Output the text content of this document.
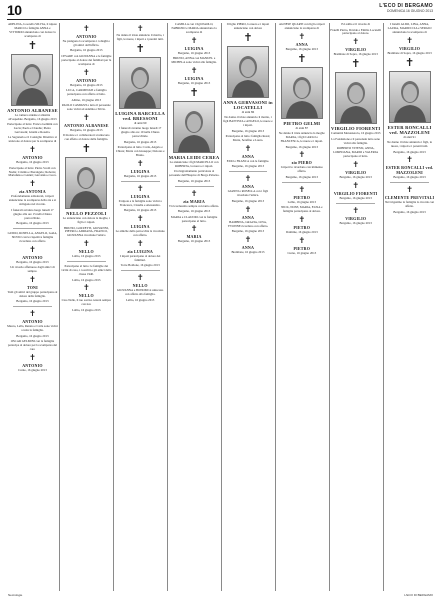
10	L'ECO DI BERGAMO
DOMENICA 16 GIUGNO 2013

ADELINA, la sorella SILVIA, il nipote MARCO e famiglia ANNA e VITTORIO annunciano con dolore la scomparsa di

✝
ANTONIO ALBANESE

La camera ardente è allestita all'ospedale. Bergamo, 16 giugno 2013

Partecipano al lutto: Franco Gelmini con Lucia; Paola e Claudio; Pietro Gervasoni; Gianni e Rosetta.

La Segreteria e il Consiglio Direttivo si uniscono al dolore per la scomparsa di

✝
ANTONIO

Bergamo, 16 giugno 2013

Partecipano al lutto: Pietro Scotti con Nadia; Cristina e Pierangelo; Roberto; Marialuisa e Gianni; Giovanna e Luca.

✝
zia ANTONIA

Profondamente addolorati, i nipoti annunciano la scomparsa della zia e si stringono nel ricordo.

I funerali avranno luogo lunedì 17 giugno alle ore 15 nella Chiesa parrocchiale.

Bergamo, 16 giugno 2013

GUIDO, ROSELLA, ANGELO, GAIA, SILVIO con le rispettive famiglie ricordano con affetto

✝
ANTONIO

Bergamo, 16 giugno 2013

Un ricordo affettuoso dagli amici di sempre.

✝
TONI

Tutti gli amici del gruppo partecipano al dolore della famiglia.

Bergamo, 16 giugno 2013

✝
ANTONIO

Mauro, Lella, Renato e Carla sono vicini a tutta la famiglia.

Bergamo, 16 giugno 2013

OSCAR GELMINI con la famiglia partecipa al dolore per la scomparsa del caro

✝
ANTONIO

Curno, 16 giugno 2013

✝
ANTONIO

Ne piangono la scomparsa i colleghi e gli amici dell'ufficio.

Bergamo, 16 giugno 2013

CESARE con GIOVANNA e le famiglie partecipano al dolore dei familiari per la scomparsa di

✝
ANTONIO

Bergamo, 16 giugno 2013

LUCA, CARMINATI e famiglia partecipano con affetto al lutto.

Albino, 16 giugno 2013

PAOLO CAMOZZI e tutto il personale sono vicini ad Adelina e Silvia.

✝
ANTONIO ALBANESE

Bergamo, 16 giugno 2013

Il titolare e i collaboratori si uniscono con affetto al dolore della famiglia.

✝
NELLO PEZZOLI

Lo annunciano con dolore la moglie, i figli e i nipoti.

BRUNO, GOZZETTI, GIOVANNI, PIETRO e ADRIANA, FRANCO, GIOVANNA ricordano l'amico

✝
NELLO

Lallio, 16 giugno 2013

Partecipano al lutto: le famiglie dei vicini di casa, i coscritti e gli amici della classe 1940.

Lallio, 16 giugno 2013

✝
NELLO

Ciao Nello, il tuo sorriso resterà sempre con noi.

Lallio, 16 giugno 2013

✝

Ne danno il triste annuncio il marito, i figli, le nuore, i nipoti e i parenti tutti.

✝
LUIGINA BARCELLA ved. BRESSONI

di anni 90

I funerali avranno luogo lunedì 17 giugno alle ore 10 nella Chiesa parrocchiale.

Bergamo, 16 giugno 2013

Partecipano al lutto: Carla, Angelo e Chiara; Maria con Giuseppe; Dolores e Bruno.

✝
LUIGINA

Bergamo, 16 giugno 2013

✝
LUIGINA

Il nipote e la famiglia sono vicini a Francesca, Claudia e Alessandro.

Bergamo, 16 giugno 2013

✝
LUIGINA

Le amiche della parrocchia la ricordano con affetto.

✝
zia LUIGINA

I nipoti partecipano al dolore dei familiari.

Torre Boldone, 16 giugno 2013

✝
NELLO

GIOVANNA e BONOMI si uniscono con affetto alla famiglia.

Lallio, 16 giugno 2013

CAMILLA con i figli PAOLO, FABRIZIO e MARIA annunciano la scomparsa di

✝
LUIGINA

Bergamo, 16 giugno 2013

BRUNO, ANNA con MANUEL e MICHELA sono vicini alla famiglia.

✝
LUIGINA

Bergamo, 16 giugno 2013

✝
MARIA LEIDI CEREA

La annunciano i figli MARCELLO con ROBERTA, la nuora e i nipoti.

Un ringraziamento particolare al personale dell'Hospice di Borgo Palazzo.

Bergamo, 16 giugno 2013

✝
zia MARIA

Ti ricorderemo sempre con tanto affetto.

Bergamo, 16 giugno 2013

MARIA e CLAUDIO con le famiglie partecipano al lutto.

✝
MARIA

Bergamo, 16 giugno 2013

Il figlio PIERO, la nuora e i nipoti annunciano con dolore

✝
ANNA GERVASONI in LOCATELLI

di anni 86

Ne danno il triste annuncio il marito, i figli BATTISTA e ANGELO, le nuore e i nipoti.

Bergamo, 16 giugno 2013

Partecipano al lutto: famiglia Rossi; Maria, Serafino e Laura.

✝
ANNA

EZIO e FRANCA con le famiglie.

Bergamo, 16 giugno 2013

✝
ANNA

GIANNI e ROSELLA con i figli ricordano l'amica.

Bergamo, 16 giugno 2013

✝
ANNA

BAMBINA, GRAZIA, LINA, YVONNE ricordano con affetto.

Bergamo, 16 giugno 2013

✝
ANNA

Brembate, 16 giugno 2013

AGNESE QUARTI con figli e nipoti annunciano la scomparsa di

✝
ANNA

Bergamo, 16 giugno 2013

✝
PIETRO GELMI

di anni 87

Ne danno il triste annuncio la moglie MARIA, i figli CARLO e FRANCESCA, le nuore e i nipoti.

Bergamo, 16 giugno 2013

✝
zio PIERO

I nipoti lo ricordano con immenso affetto.

Bergamo, 16 giugno 2013

✝
PIETRO

Lallio, 16 giugno 2013

NICK, NOSE, MARIA, ELISA e famiglie partecipano al dolore.

✝
PIETRO

Dalmine, 16 giugno 2013

✝
PIETRO

Curno, 16 giugno 2013

Ed addio è il ricordo di

Fratelli Pietro, Davide e Emilio Locatelli partecipano al dolore.

✝
VIRGILIO

Brembate di Sopra, 16 giugno 2013

✝
VIRGILIO FIORENTI

Comunità Monasterolo, 16 giugno 2013

La Fondazione e il personale tutto sono vicini alla famiglia.

ROBERTO VITESSI, ANNA, LOREDANA, MARIO e VALERIA partecipano al lutto.

✝
VIRGILIO

Bergamo, 16 giugno 2013

✝
VIRGILIO FIORENTI

Bergamo, 16 giugno 2013

✝
VIRGILIO

Bergamo, 16 giugno 2013

I fratelli ALDO, LINA, ANNA, LAURA, MARIUCCIA e SERGIO annunciano la scomparsa di

✝
VIRGILIO

Brembate di Sopra, 16 giugno 2013

✝
ESTER RONCALLI ved. MAZZOLENI

di anni 91

Ne danno il triste annuncio i figli, le nuore, i nipoti e i parenti tutti.

Bergamo, 16 giugno 2013

✝
ESTER RONCALLI ved. MAZZOLENI

Bergamo, 16 giugno 2013

✝
CLEMENTE PREVITALI

Nel trigesimo la famiglia lo ricorda con affetto.

Bergamo, 16 giugno 2013

Necrologie	L'ECO DI BERGAMO
